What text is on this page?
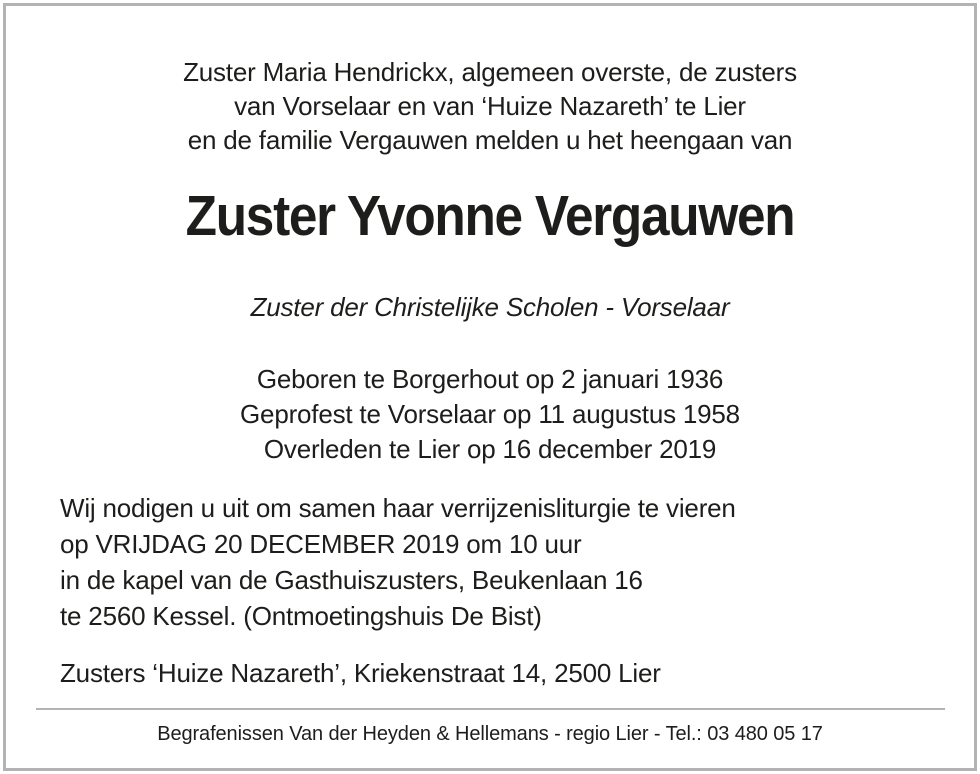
Zuster Maria Hendrickx, algemeen overste, de zusters
van Vorselaar en van ‘Huize Nazareth’ te Lier
en de familie Vergauwen melden u het heengaan van
Zuster Yvonne Vergauwen
Zuster der Christelijke Scholen - Vorselaar
Geboren te Borgerhout op 2 januari 1936
Geprofest te Vorselaar op 11 augustus 1958
Overleden te Lier op 16 december 2019
Wij nodigen u uit om samen haar verrijzenisliturgie te vieren
op VRIJDAG 20 DECEMBER 2019 om 10 uur
in de kapel van de Gasthuiszusters, Beukenlaan 16
te 2560 Kessel. (Ontmoetingshuis De Bist)
Zusters ‘Huize Nazareth’, Kriekenstraat 14, 2500 Lier
Begrafenissen Van der Heyden & Hellemans - regio Lier - Tel.: 03 480 05 17
